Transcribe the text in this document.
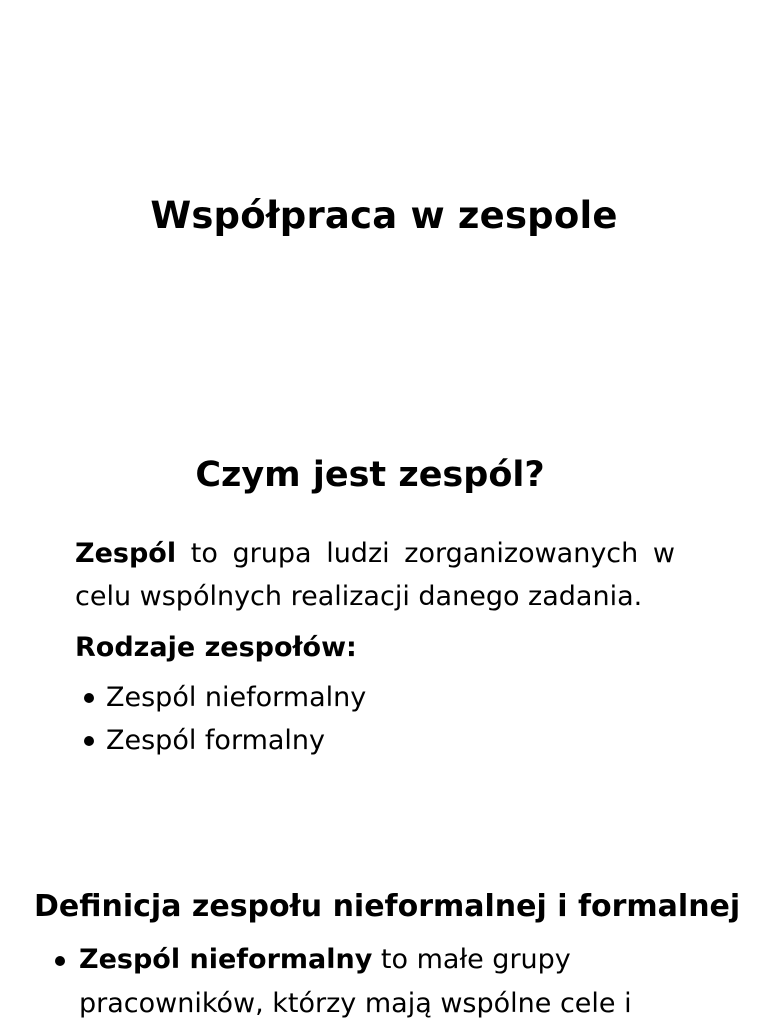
Współpraca w zespole
Czym jest zespól?

Zespól to grupa ludzi zorganizowanych w celu wspólnych realizacji danego zadania.

Rodzaje zespołów:

Zespól nieformalny
Zespól formalny
Definicja zespołu nieformalnej i formalnej
Zespól nieformalny to małe grupy pracowników, którzy mają wspólne cele i
